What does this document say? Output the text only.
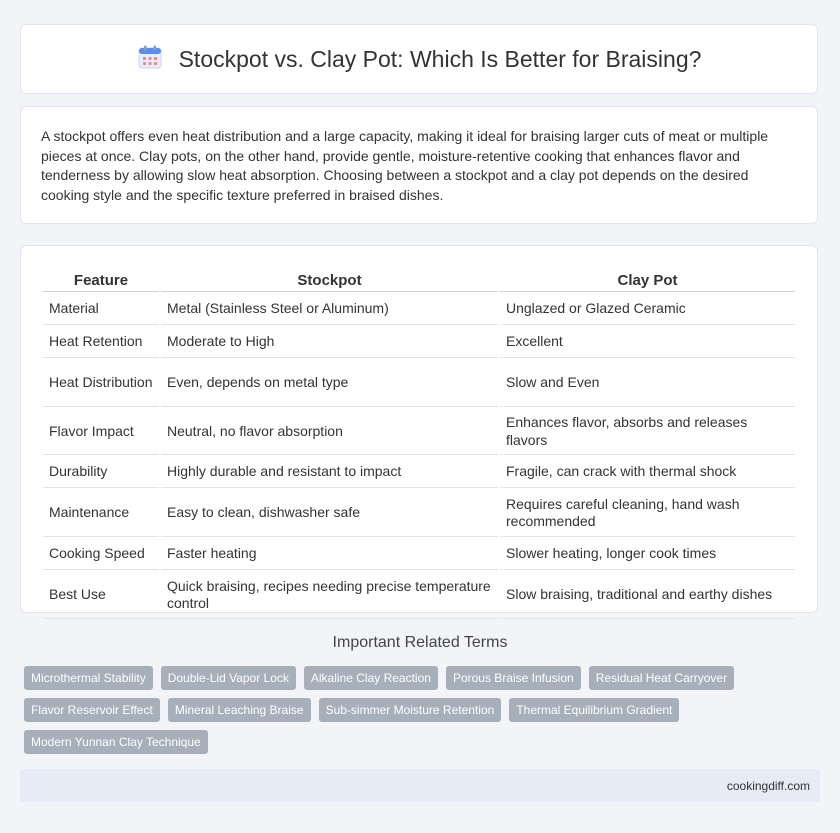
Stockpot vs. Clay Pot: Which Is Better for Braising?

A stockpot offers even heat distribution and a large capacity, making it ideal for braising larger cuts of meat or multiple pieces at once. Clay pots, on the other hand, provide gentle, moisture-retentive cooking that enhances flavor and tenderness by allowing slow heat absorption. Choosing between a stockpot and a clay pot depends on the desired cooking style and the specific texture preferred in braised dishes.

Feature	Stockpot	Clay Pot
Material	Metal (Stainless Steel or Aluminum)	Unglazed or Glazed Ceramic
Heat Retention	Moderate to High	Excellent
Heat Distribution	Even, depends on metal type	Slow and Even
Flavor Impact	Neutral, no flavor absorption	Enhances flavor, absorbs and releases flavors
Durability	Highly durable and resistant to impact	Fragile, can crack with thermal shock
Maintenance	Easy to clean, dishwasher safe	Requires careful cleaning, hand wash recommended
Cooking Speed	Faster heating	Slower heating, longer cook times
Best Use	Quick braising, recipes needing precise temperature control	Slow braising, traditional and earthy dishes
Important Related Terms
Microthermal Stability	Double-Lid Vapor Lock	Alkaline Clay Reaction	Porous Braise Infusion	Residual Heat Carryover
Flavor Reservoir Effect	Mineral Leaching Braise	Sub-simmer Moisture Retention	Thermal Equilibrium Gradient
Modern Yunnan Clay Technique
cookingdiff.com
